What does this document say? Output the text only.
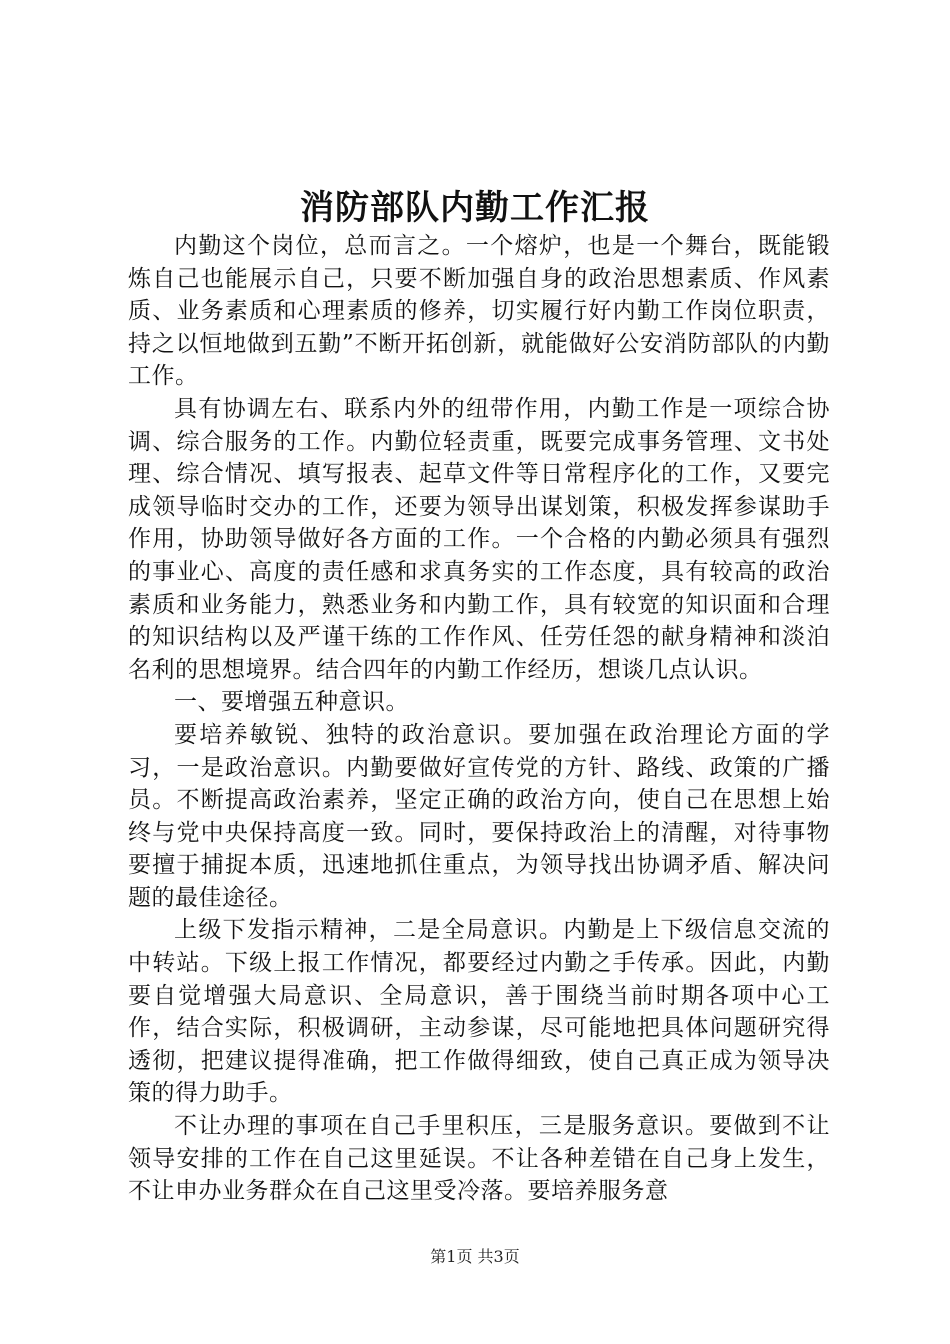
消防部队内勤工作汇报

内勤这个岗位，总而言之。一个熔炉，也是一个舞台，既能锻炼自己也能展示自己，只要不断加强自身的政治思想素质、作风素质、业务素质和心理素质的修养，切实履行好内勤工作岗位职责，持之以恒地做到五勤”不断开拓创新，就能做好公安消防部队的内勤工作。

具有协调左右、联系内外的纽带作用，内勤工作是一项综合协调、综合服务的工作。内勤位轻责重，既要完成事务管理、文书处理、综合情况、填写报表、起草文件等日常程序化的工作，又要完成领导临时交办的工作，还要为领导出谋划策，积极发挥参谋助手作用，协助领导做好各方面的工作。一个合格的内勤必须具有强烈的事业心、高度的责任感和求真务实的工作态度，具有较高的政治素质和业务能力，熟悉业务和内勤工作，具有较宽的知识面和合理的知识结构以及严谨干练的工作作风、任劳任怨的献身精神和淡泊名利的思想境界。结合四年的内勤工作经历，想谈几点认识。

一、要增强五种意识。

要培养敏锐、独特的政治意识。要加强在政治理论方面的学习，一是政治意识。内勤要做好宣传党的方针、路线、政策的广播员。不断提高政治素养，坚定正确的政治方向，使自己在思想上始终与党中央保持高度一致。同时，要保持政治上的清醒，对待事物要擅于捕捉本质，迅速地抓住重点，为领导找出协调矛盾、解决问题的最佳途径。

上级下发指示精神，二是全局意识。内勤是上下级信息交流的中转站。下级上报工作情况，都要经过内勤之手传承。因此，内勤要自觉增强大局意识、全局意识，善于围绕当前时期各项中心工作，结合实际，积极调研，主动参谋，尽可能地把具体问题研究得透彻，把建议提得准确，把工作做得细致，使自己真正成为领导决策的得力助手。

不让办理的事项在自己手里积压，三是服务意识。要做到不让领导安排的工作在自己这里延误。不让各种差错在自己身上发生，不让申办业务群众在自己这里受冷落。要培养服务意

第1页 共3页
